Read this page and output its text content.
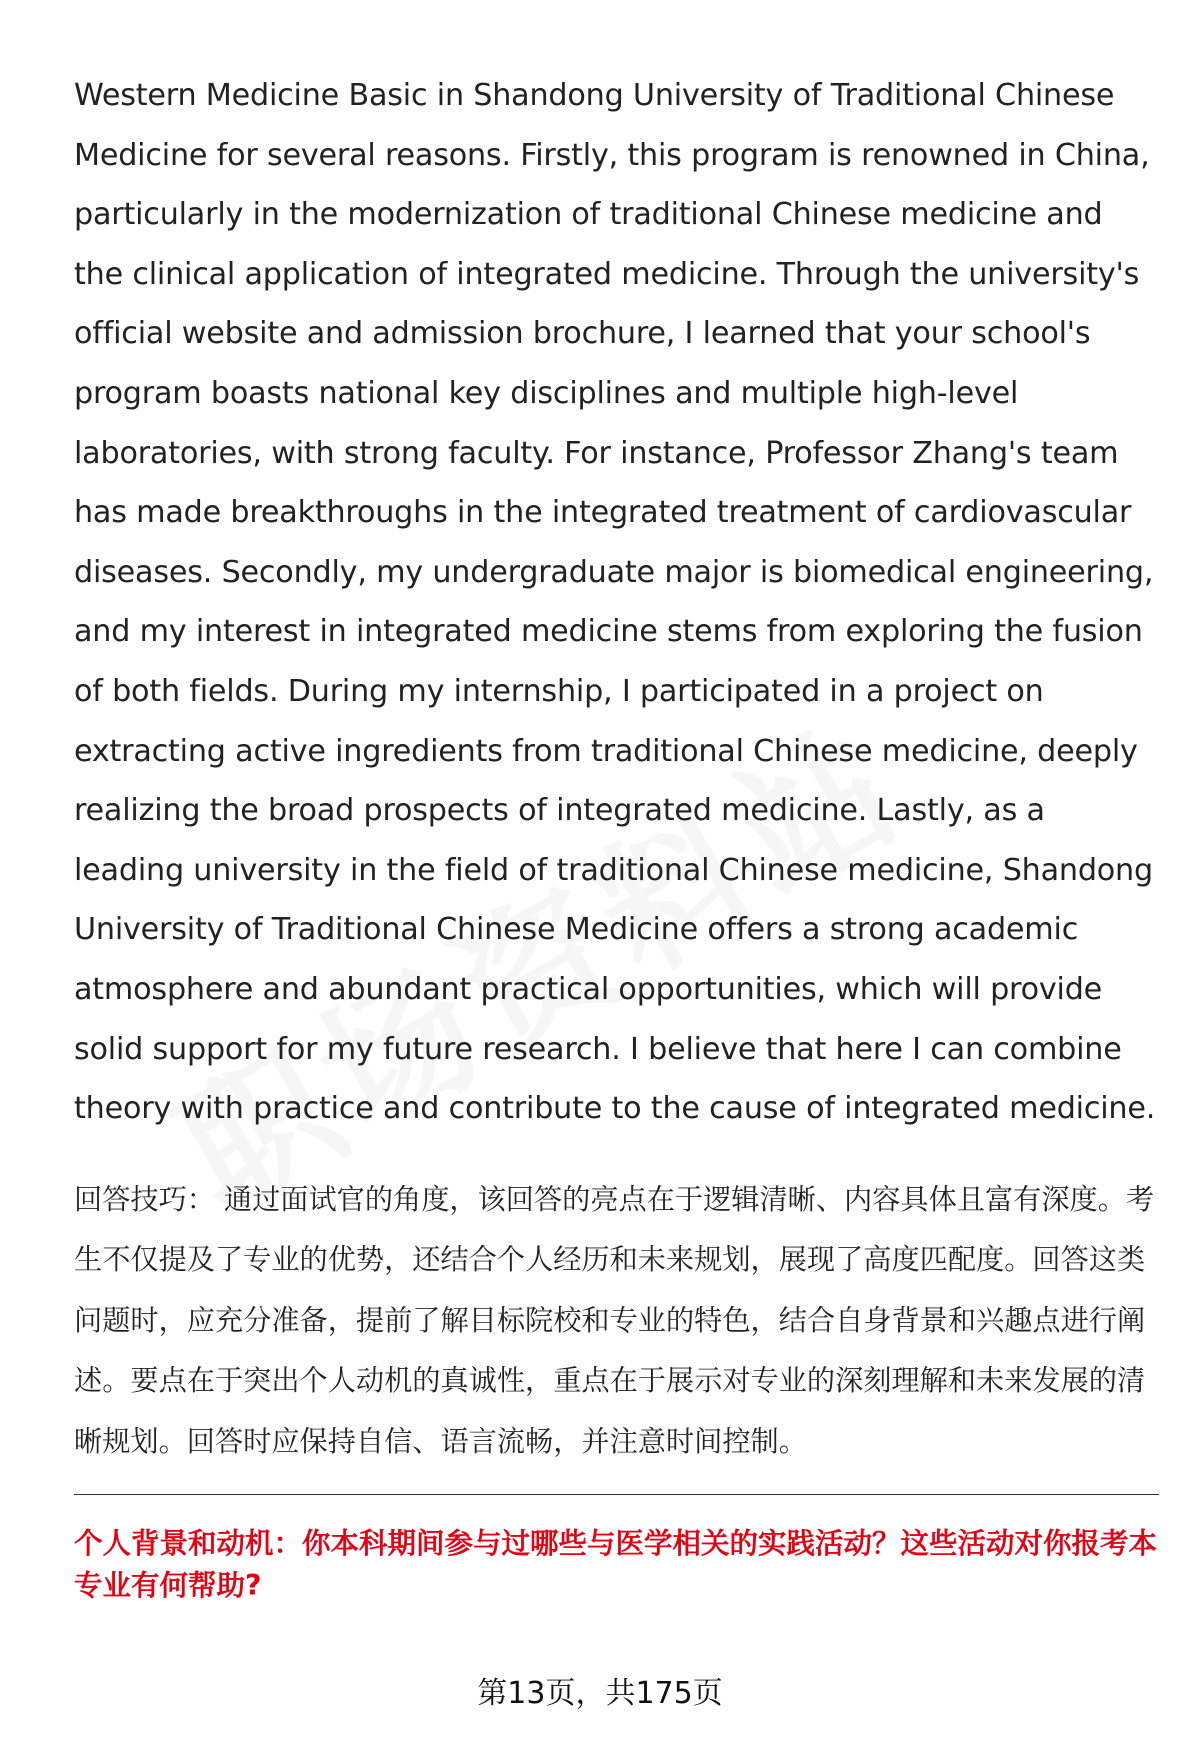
Western Medicine Basic in Shandong University of Traditional Chinese Medicine for several reasons. Firstly, this program is renowned in China, particularly in the modernization of traditional Chinese medicine and the clinical application of integrated medicine. Through the university's official website and admission brochure, I learned that your school's program boasts national key disciplines and multiple high-level laboratories, with strong faculty. For instance, Professor Zhang's team has made breakthroughs in the integrated treatment of cardiovascular diseases. Secondly, my undergraduate major is biomedical engineering, and my interest in integrated medicine stems from exploring the fusion of both fields. During my internship, I participated in a project on extracting active ingredients from traditional Chinese medicine, deeply realizing the broad prospects of integrated medicine. Lastly, as a leading university in the field of traditional Chinese medicine, Shandong University of Traditional Chinese Medicine offers a strong academic atmosphere and abundant practical opportunities, which will provide solid support for my future research. I believe that here I can combine theory with practice and contribute to the cause of integrated medicine.

回答技巧： 通过面试官的角度，该回答的亮点在于逻辑清晰、内容具体且富有深度。考生不仅提及了专业的优势，还结合个人经历和未来规划，展现了高度匹配度。回答这类问题时，应充分准备，提前了解目标院校和专业的特色，结合自身背景和兴趣点进行阐述。要点在于突出个人动机的真诚性，重点在于展示对专业的深刻理解和未来发展的清晰规划。回答时应保持自信、语言流畅，并注意时间控制。

个人背景和动机：你本科期间参与过哪些与医学相关的实践活动？这些活动对你报考本专业有何帮助?

第13页，共175页
